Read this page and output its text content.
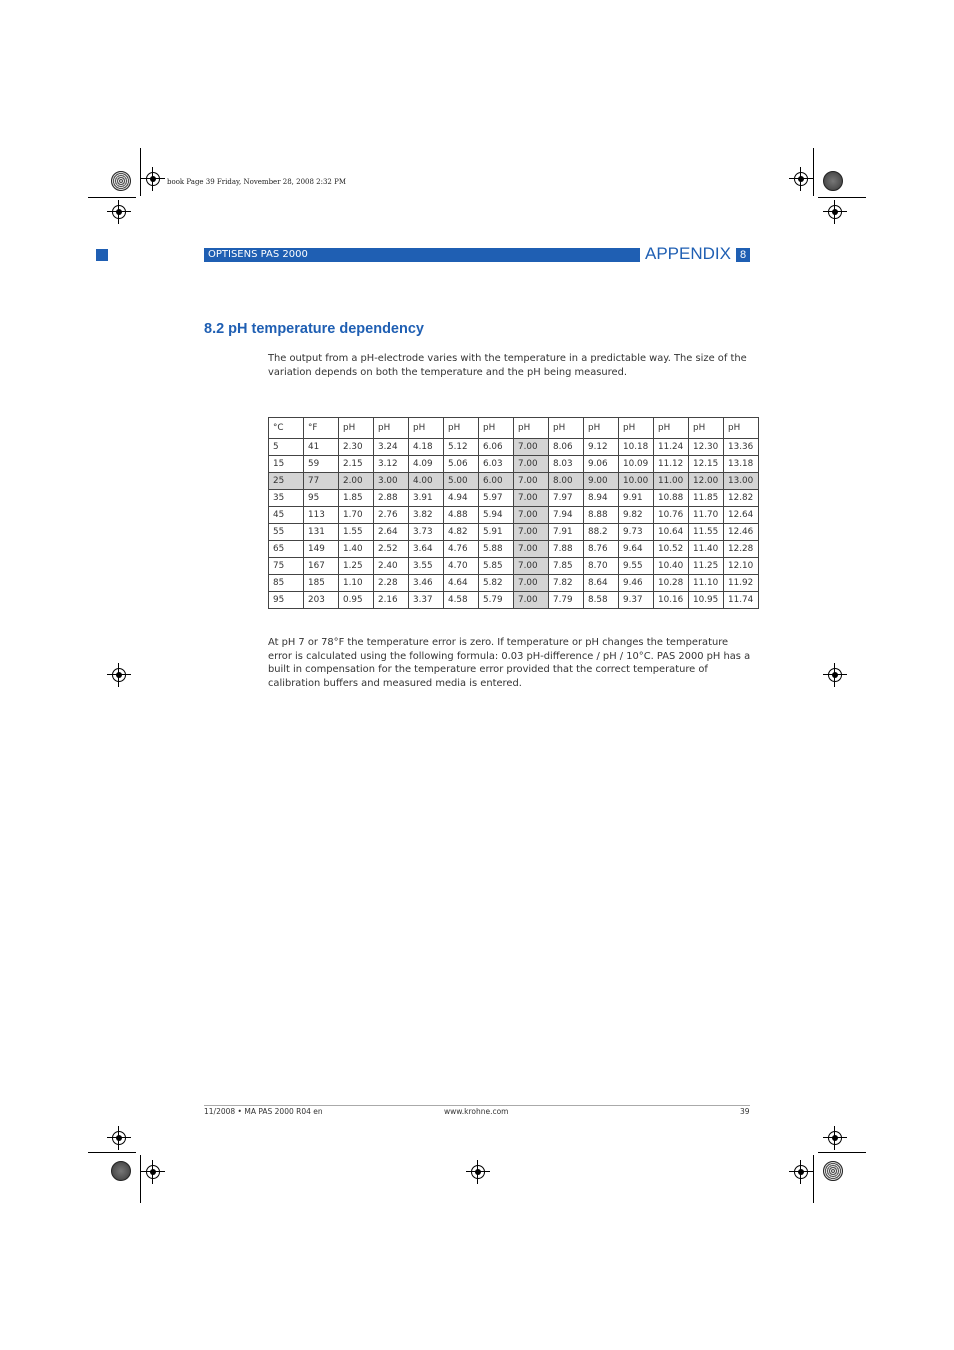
book Page 39 Friday, November 28, 2008 2:32 PM
OPTISENS PAS 2000	APPENDIX 8
8.2 pH temperature dependency
The output from a pH-electrode varies with the temperature in a predictable way. The size of the variation depends on both the temperature and the pH being measured.
°C	°F	pH	pH	pH	pH	pH	pH	pH	pH	pH	pH	pH	pH
5	41	2.30	3.24	4.18	5.12	6.06	7.00	8.06	9.12	10.18	11.24	12.30	13.36
15	59	2.15	3.12	4.09	5.06	6.03	7.00	8.03	9.06	10.09	11.12	12.15	13.18
25	77	2.00	3.00	4.00	5.00	6.00	7.00	8.00	9.00	10.00	11.00	12.00	13.00
35	95	1.85	2.88	3.91	4.94	5.97	7.00	7.97	8.94	9.91	10.88	11.85	12.82
45	113	1.70	2.76	3.82	4.88	5.94	7.00	7.94	8.88	9.82	10.76	11.70	12.64
55	131	1.55	2.64	3.73	4.82	5.91	7.00	7.91	88.2	9.73	10.64	11.55	12.46
65	149	1.40	2.52	3.64	4.76	5.88	7.00	7.88	8.76	9.64	10.52	11.40	12.28
75	167	1.25	2.40	3.55	4.70	5.85	7.00	7.85	8.70	9.55	10.40	11.25	12.10
85	185	1.10	2.28	3.46	4.64	5.82	7.00	7.82	8.64	9.46	10.28	11.10	11.92
95	203	0.95	2.16	3.37	4.58	5.79	7.00	7.79	8.58	9.37	10.16	10.95	11.74
At pH 7 or 78°F the temperature error is zero. If temperature or pH changes the temperature error is calculated using the following formula: 0.03 pH-difference / pH / 10°C. PAS 2000 pH has a built in compensation for the temperature error provided that the correct temperature of calibration buffers and measured media is entered.
11/2008 • MA PAS 2000 R04 en	www.krohne.com	39
